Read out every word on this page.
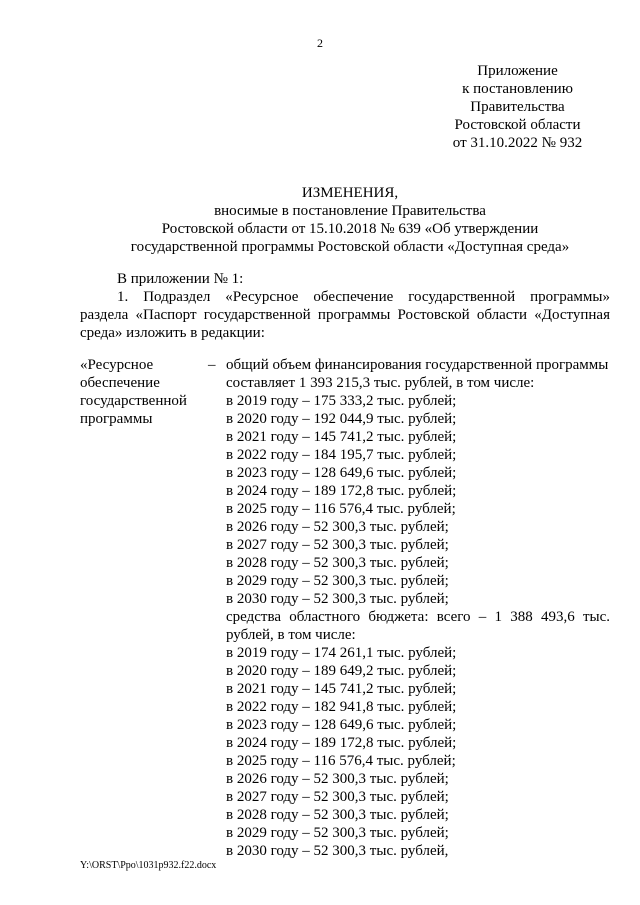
2
Приложение
к постановлению
Правительства
Ростовской области
от 31.10.2022 № 932
ИЗМЕНЕНИЯ,
вносимые в постановление Правительства
Ростовской области от 15.10.2018 № 639 «Об утверждении
государственной программы Ростовской области «Доступная среда»

В приложении № 1:

1. Подраздел «Ресурсное обеспечение государственной программы»

раздела «Паспорт государственной программы Ростовской области «Доступная

среда» изложить в редакции:

«Ресурсное
обеспечение
государственной
программы
– общий объем финансирования государственной программы
составляет 1 393 215,3 тыс. рублей, в том числе:
в 2019 году – 175 333,2 тыс. рублей;
в 2020 году – 192 044,9 тыс. рублей;
в 2021 году – 145 741,2 тыс. рублей;
в 2022 году – 184 195,7 тыс. рублей;
в 2023 году – 128 649,6 тыс. рублей;
в 2024 году – 189 172,8 тыс. рублей;
в 2025 году – 116 576,4 тыс. рублей;
в 2026 году – 52 300,3 тыс. рублей;
в 2027 году – 52 300,3 тыс. рублей;
в 2028 году – 52 300,3 тыс. рублей;
в 2029 году – 52 300,3 тыс. рублей;
в 2030 году – 52 300,3 тыс. рублей;
средства областного бюджета: всего – 1 388 493,6 тыс.
рублей, в том числе:
в 2019 году – 174 261,1 тыс. рублей;
в 2020 году – 189 649,2 тыс. рублей;
в 2021 году – 145 741,2 тыс. рублей;
в 2022 году – 182 941,8 тыс. рублей;
в 2023 году – 128 649,6 тыс. рублей;
в 2024 году – 189 172,8 тыс. рублей;
в 2025 году – 116 576,4 тыс. рублей;
в 2026 году – 52 300,3 тыс. рублей;
в 2027 году – 52 300,3 тыс. рублей;
в 2028 году – 52 300,3 тыс. рублей;
в 2029 году – 52 300,3 тыс. рублей;
в 2030 году – 52 300,3 тыс. рублей,
Y:\ORST\Ppo\1031p932.f22.docx
